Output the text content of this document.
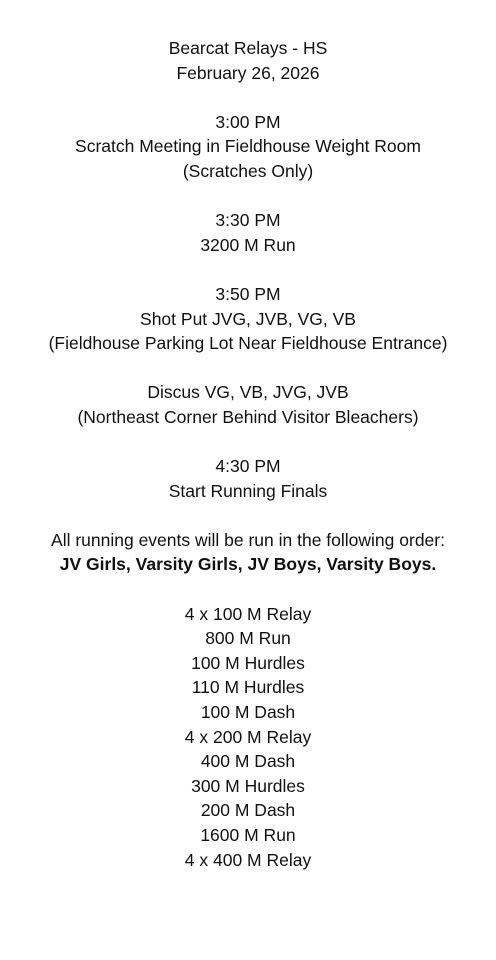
Bearcat Relays - HS
February 26, 2026
3:00 PM
Scratch Meeting in Fieldhouse Weight Room
(Scratches Only)
3:30 PM
3200 M Run
3:50 PM
Shot Put JVG, JVB, VG, VB
(Fieldhouse Parking Lot Near Fieldhouse Entrance)
Discus VG, VB, JVG, JVB
(Northeast Corner Behind Visitor Bleachers)
4:30 PM
Start Running Finals
All running events will be run in the following order:
JV Girls, Varsity Girls, JV Boys, Varsity Boys.
4 x 100 M Relay
800 M Run
100 M Hurdles
110 M Hurdles
100 M Dash
4 x 200 M Relay
400 M Dash
300 M Hurdles
200 M Dash
1600 M Run
4 x 400 M Relay
